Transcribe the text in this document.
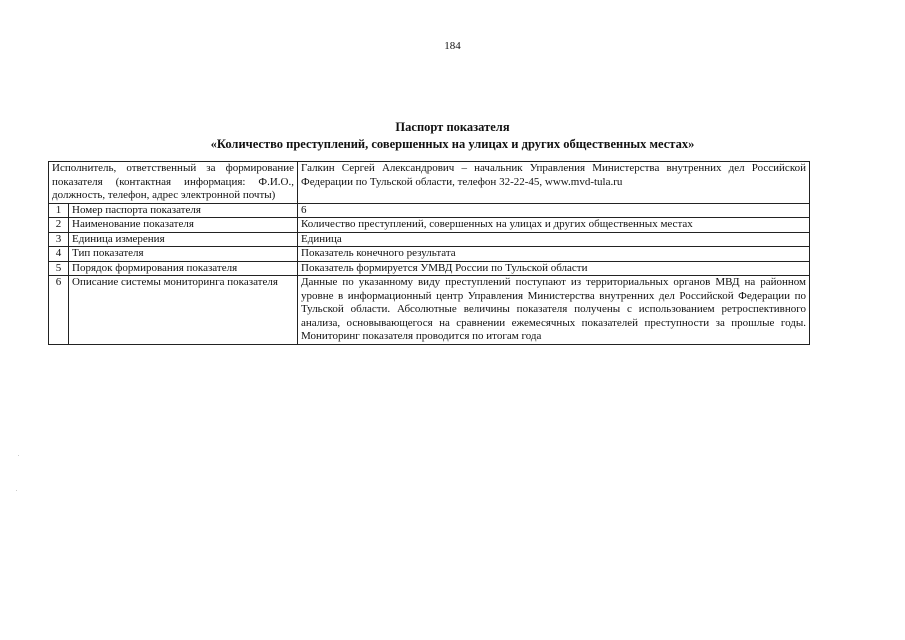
184
Паспорт показателя
«Количество преступлений, совершенных на улицах и других общественных местах»
Исполнитель, ответственный за формирование показателя (контактная информация: Ф.И.О., должность, телефон, адрес электронной почты)		Галкин Сергей Александрович – начальник Управления Министерства внутренних дел Российской Федерации по Тульской области, телефон 32-22-45, www.mvd-tula.ru
1	Номер паспорта показателя	6
2	Наименование показателя	Количество преступлений, совершенных на улицах и других общественных местах
3	Единица измерения	Единица
4	Тип показателя	Показатель конечного результата
5	Порядок формирования показателя	Показатель формируется УМВД России по Тульской области
6	Описание системы мониторинга показателя	Данные по указанному виду преступлений поступают из территориальных органов МВД на районном уровне в информационный центр Управления Министерства внутренних дел Российской Федерации по Тульской области. Абсолютные величины показателя получены с использованием ретроспективного анализа, основывающегося на сравнении ежемесячных показателей преступности за прошлые годы. Мониторинг показателя проводится по итогам года
